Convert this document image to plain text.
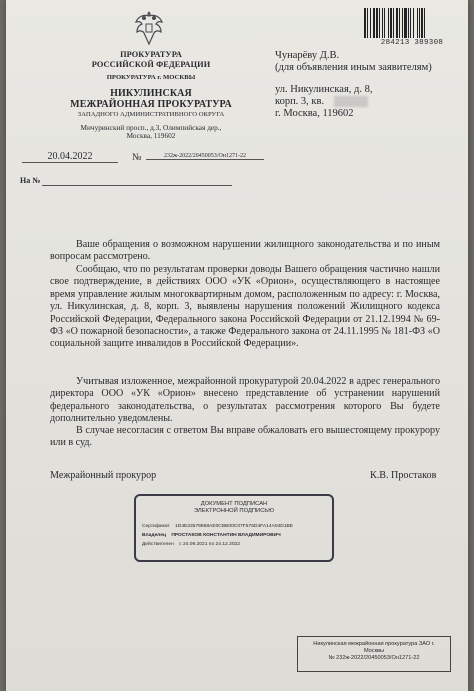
ПРОКУРАТУРА
РОССИЙСКОЙ ФЕДЕРАЦИИ
ПРОКУРАТУРА г. МОСКВЫ
НИКУЛИНСКАЯ
МЕЖРАЙОННАЯ ПРОКУРАТУРА
ЗАПАДНОГО АДМИНИСТРАТИВНОГО ОКРУГА
Мичуринский просп., д.3, Олимпийская дер.,
Москва, 119602
284213 389308
Чунарёву Д.В.
(для объявления иным заявителям)
ул. Никулинская, д. 8,
корп. 3, кв.
г. Москва, 119602
20.04.2022	№	232ж-2022/20450053/Он1271-22
На №
Ваше обращения о возможном нарушении жилищного законодательства и по иным вопросам рассмотрено.
Сообщаю, что по результатам проверки доводы Вашего обращения частично нашли свое подтверждение, в действиях ООО «УК «Орион», осуществляющего в настоящее время управление жилым многоквартирным домом, расположенным по адресу: г. Москва, ул. Никулинская, д. 8, корп. 3, выявлены нарушения положений Жилищного кодекса Российской Федерации, Федерального закона Российской Федерации от 21.12.1994 № 69-ФЗ «О пожарной безопасности», а также Федерального закона от 24.11.1995 № 181-ФЗ «О социальной защите инвалидов в Российской Федерации».
Учитывая изложенное, межрайонной прокуратурой 20.04.2022 в адрес генерального директора ООО «УК «Орион» внесено представление об устранении нарушений федерального законодательства, о результатах рассмотрения которого Вы будете дополнительно уведомлены.
В случае несогласия с ответом Вы вправе обжаловать его вышестоящему прокурору или в суд.
Межрайонный прокурор	К.В. Простаков
ДОКУМЕНТ ПОДПИСАН
ЭЛЕКТРОННОЙ ПОДПИСЬЮ
Сертификат 1D4E33579868AE0CBB00C07F576D4FA14A04D1BE
Владелец ПРОСТАКОВ КОНСТАНТИН ВЛАДИМИРОВИЧ
Действителен с 24.09.2021 по 24.12.2022
Никулинская межрайонная прокуратура ЗАО г.
Москвы
№ 232ж-2022/20450053/Он1271-22
